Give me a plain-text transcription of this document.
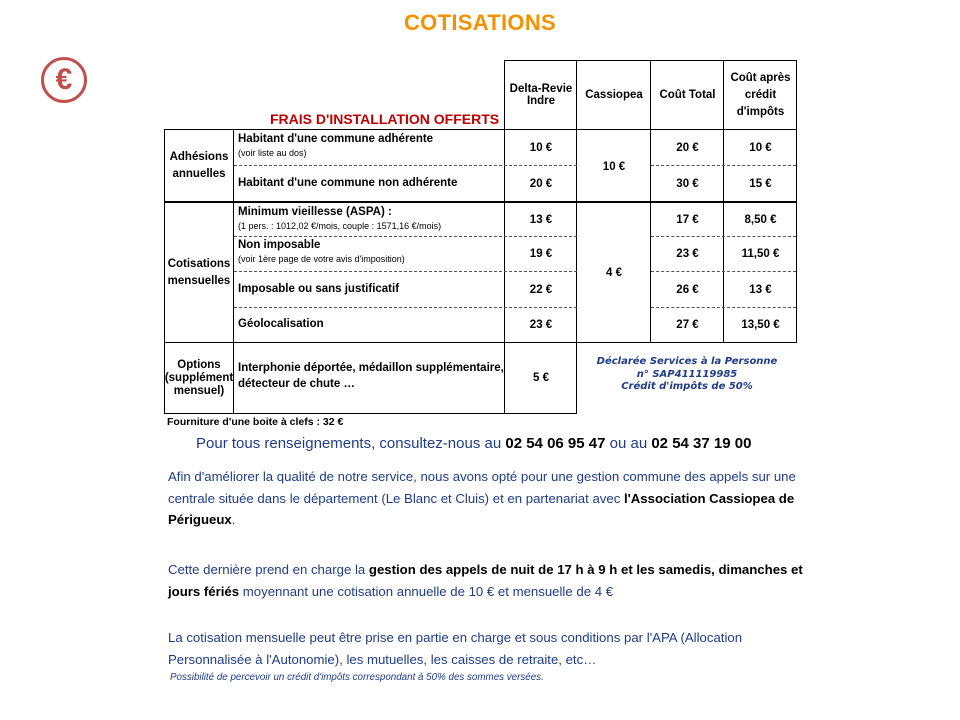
COTISATIONS
€
FRAIS D'INSTALLATION OFFERTS
Delta-Revie Indre	Cassiopea Coût Total
Coût après crédit d'impôts
Adhésions annuelles
Cotisations mensuelles
Options (supplément mensuel)
Habitant d'une commune adhérente
(voir liste au dos)
Habitant d'une commune non adhérente
Minimum vieillesse (ASPA) :
(1 pers. : 1012,02 €/mois, couple : 1571,16 €/mois)
Non imposable
(voir 1ère page de votre avis d'imposition)
Imposable ou sans justificatif
Géolocalisation
Interphonie déportée, médaillon supplémentaire, détecteur de chute …
10 €
20 €
13 €
19 €
22 €
23 €
5 €
10 €
4 €
20 €
30 €
17 €
23 €
26 €
27 €
10 €
15 €
8,50 €
11,50 €
13 €
13,50 €
Déclarée Services à la Personne
n° SAP411119985
Crédit d'impôts de 50%
Fourniture d'une boite à clefs : 32 €
Pour tous renseignements, consultez-nous au 02 54 06 95 47 ou au 02 54 37 19 00
Afin d'améliorer la qualité de notre service, nous avons opté pour une gestion commune des appels sur une centrale située dans le département (Le Blanc et Cluis) et en partenariat avec l'Association Cassiopea de Périgueux.
Cette dernière prend en charge la gestion des appels de nuit de 17 h à 9 h et les samedis, dimanches et jours fériés moyennant une cotisation annuelle de 10 € et mensuelle de 4 €
La cotisation mensuelle peut être prise en partie en charge et sous conditions par l'APA (Allocation Personnalisée à l'Autonomie), les mutuelles, les caisses de retraite, etc…
Possibilité de percevoir un crédit d'impôts correspondant à 50% des sommes versées.
